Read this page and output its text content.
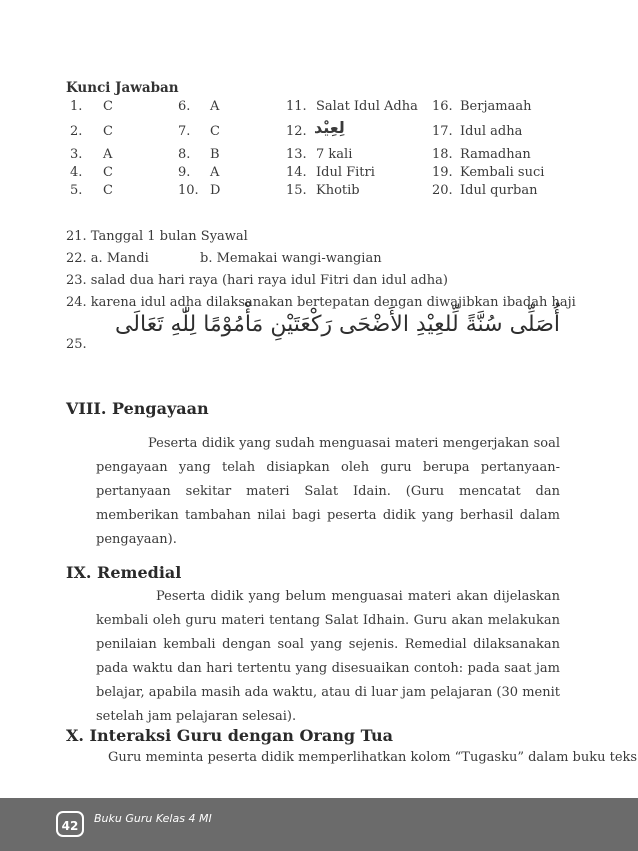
Kunci Jawaban
1. C
2. C
3. A
4. C
5. C
6. A
7. C
8. B
9. A
10. D
11. Salat Idul Adha
12. لِعِيْد
13. 7 kali
14. Idul Fitri
15. Khotib
16. Berjamaah
17. Idul adha
18. Ramadhan
19. Kembali suci
20. Idul qurban
21. Tanggal 1 bulan Syawal
22. a. Mandi	b. Memakai wangi-wangian
23. salad dua hari raya (hari raya idul Fitri dan idul adha)
24. karena idul adha dilaksanakan bertepatan dengan diwajibkan ibadah haji
25.
أُصَلِّى سُنَّةً لِّلعِيْدِ الأَضْحَى رَكْعَتَيْنِ مَأْمُوْمًا لِلّٰهِ تَعَالَى
VIII. Pengayaan
Peserta didik yang sudah menguasai materi mengerjakan soal pengayaan yang telah disiapkan oleh guru berupa pertanyaan-pertanyaan sekitar materi Salat Idain. (Guru mencatat dan memberikan tambahan nilai bagi peserta didik yang berhasil dalam pengayaan).
IX. Remedial
Peserta didik yang belum menguasai materi akan dijelaskan kembali oleh guru materi tentang Salat Idhain. Guru akan melakukan penilaian kembali dengan soal yang sejenis. Remedial dilaksanakan pada waktu dan hari tertentu yang disesuaikan contoh: pada saat jam belajar, apabila masih ada waktu, atau di luar jam pelajaran (30 menit setelah jam pelajaran selesai).
X. Interaksi Guru dengan Orang Tua
Guru meminta peserta didik memperlihatkan kolom “Tugasku” dalam buku teks
42
Buku Guru Kelas 4 MI
